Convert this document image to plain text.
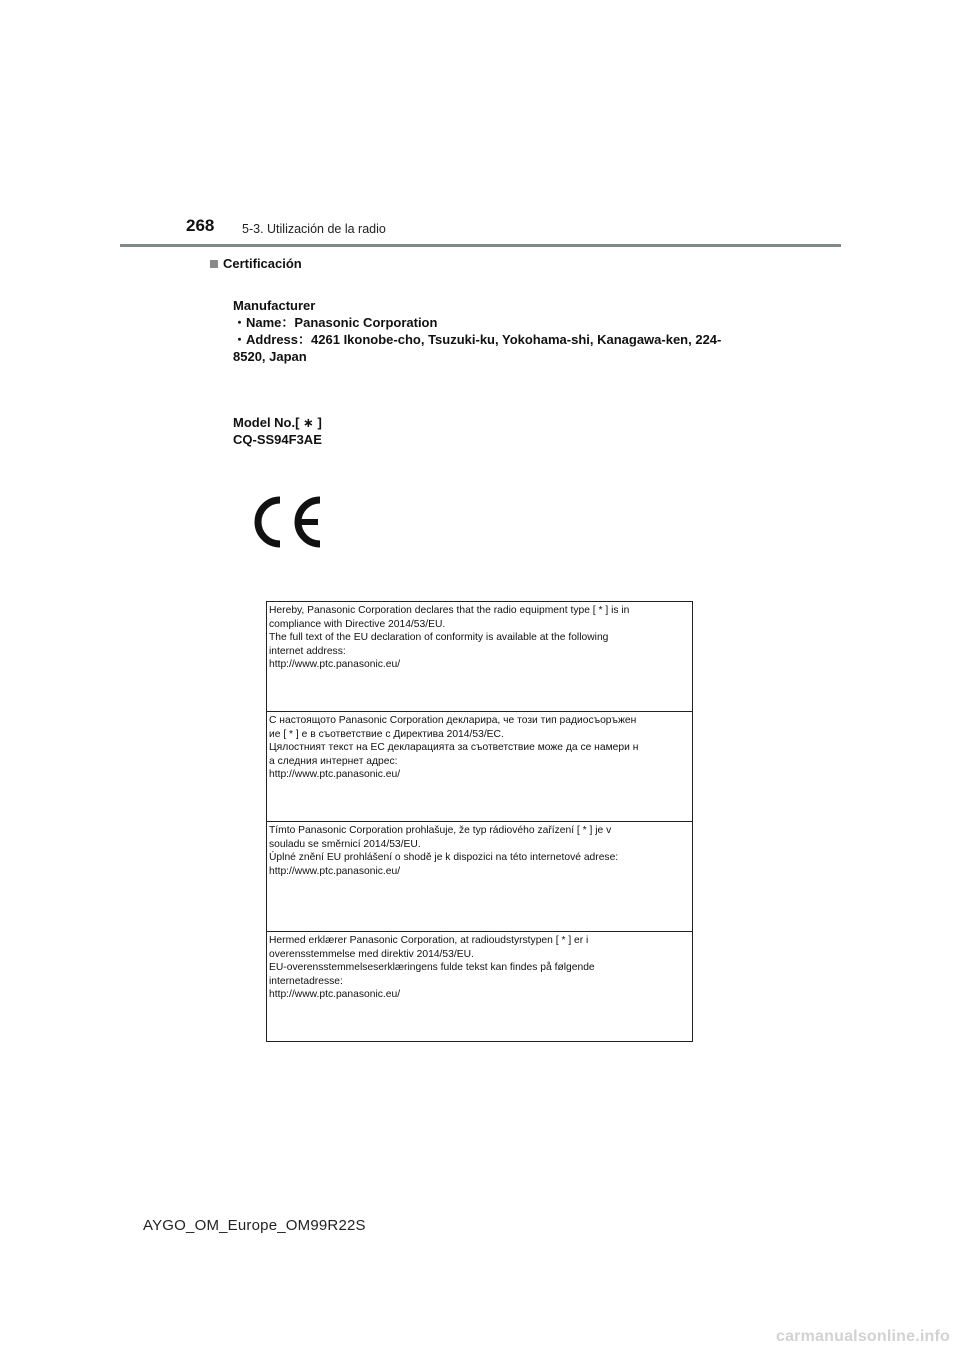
268 5-3. Utilización de la radio
Certificación
Manufacturer
・Name：Panasonic Corporation
・Address：4261 Ikonobe-cho, Tsuzuki-ku, Yokohama-shi, Kanagawa-ken, 224-
8520, Japan
Model No.[ ∗ ]
CQ-SS94F3AE
Hereby, Panasonic Corporation declares that the radio equipment type [ * ] is in
compliance with Directive 2014/53/EU.
The full text of the EU declaration of conformity is available at the following
internet address:
http://www.ptc.panasonic.eu/
С настоящото Panasonic Corporation декларира, че този тип радиосъоръжен
ие [ * ] е в съответствие с Директива 2014/53/ЕС.
Цялостният текст на ЕС декларацията за съответствие може да се намери н
а следния интернет адрес:
http://www.ptc.panasonic.eu/
Tímto Panasonic Corporation prohlašuje, že typ rádiového zařízení [ * ] je v
souladu se směrnicí 2014/53/EU.
Úplné znění EU prohlášení o shodě je k dispozici na této internetové adrese:
http://www.ptc.panasonic.eu/
Hermed erklærer Panasonic Corporation, at radioudstyrstypen [ * ] er i
overensstemmelse med direktiv 2014/53/EU.
EU-overensstemmelseserklæringens fulde tekst kan findes på følgende
internetadresse:
http://www.ptc.panasonic.eu/
AYGO_OM_Europe_OM99R22S
carmanualsonline.info
